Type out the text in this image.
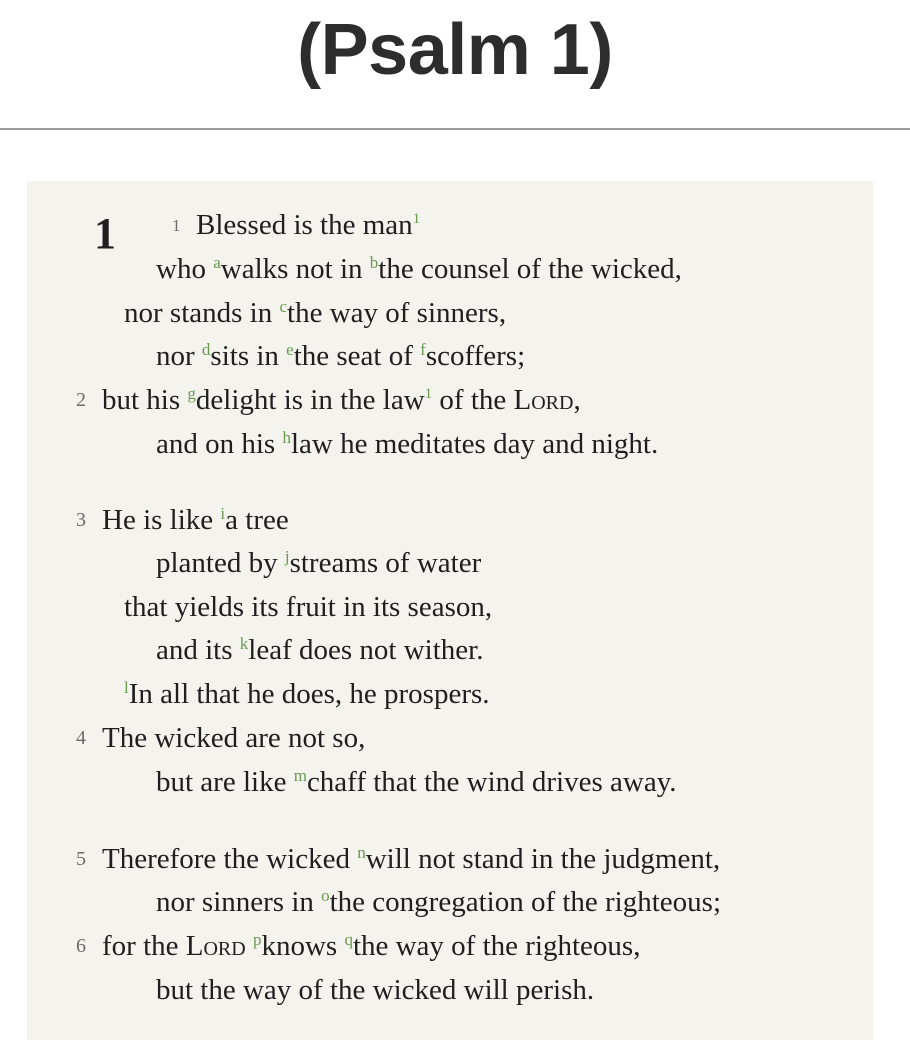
(Psalm 1)
1	1
2
3
4
5
6
Blessed is the man$^1$
who $^a$walks not in $^b$the counsel of the wicked,
nor stands in $^c$the way of sinners,
nor $^d$sits in $^e$the seat of $^f$scoffers;
but his $^g$delight is in the law$^1$ of the Lord,
and on his $^h$law he meditates day and night.
He is like $^i$a tree
planted by $^j$streams of water
that yields its fruit in its season,
and its $^k$leaf does not wither.
$^l$In all that he does, he prospers.
The wicked are not so,
but are like $^m$chaff that the wind drives away.
Therefore the wicked $^n$will not stand in the judgment,
nor sinners in $^o$the congregation of the righteous;
for the Lord $^p$knows $^q$the way of the righteous,
but the way of the wicked will perish.
